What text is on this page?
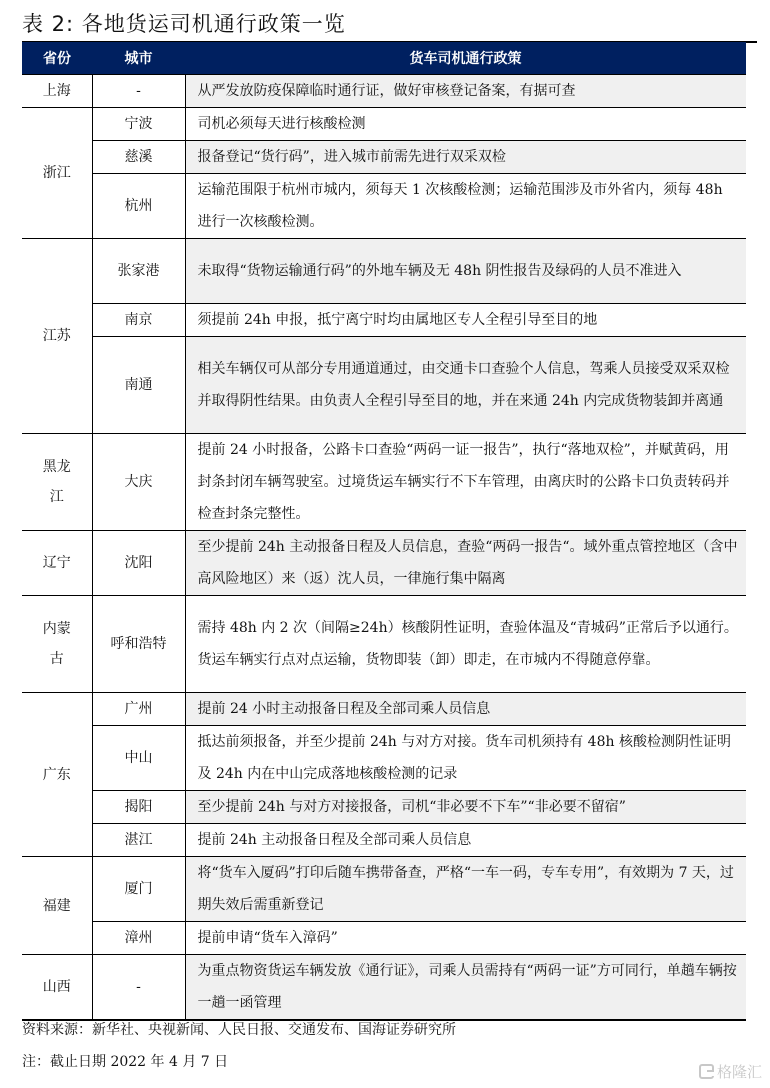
表 2: 各地货运司机通行政策一览
省份	城市	货车司机通行政策
上海	-	从严发放防疫保障临时通行证，做好审核登记备案，有据可查
浙江	宁波	司机必须每天进行核酸检测
	慈溪	报备登记“货行码”，进入城市前需先进行双采双检
	杭州	运输范围限于杭州市城内，须每天 1 次核酸检测；运输范围涉及市外省内，须每 48h 进行一次核酸检测。
江苏	张家港	未取得“货物运输通行码”的外地车辆及无 48h 阴性报告及绿码的人员不准进入
	南京	须提前 24h 申报，抵宁离宁时均由属地区专人全程引导至目的地
	南通	相关车辆仅可从部分专用通道通过，由交通卡口查验个人信息，驾乘人员接受双采双检并取得阴性结果。由负责人全程引导至目的地，并在来通 24h 内完成货物装卸并离通

黑龙江	大庆	提前 24 小时报备，公路卡口查验“两码一证一报告”，执行“落地双检”，并赋黄码，用封条封闭车辆驾驶室。过境货运车辆实行不下车管理，由离庆时的公路卡口负责转码并检查封条完整性。
辽宁	沈阳	至少提前 24h 主动报备日程及人员信息，查验“两码一报告“。域外重点管控地区（含中高风险地区）来（返）沈人员，一律施行集中隔离

内蒙古	呼和浩特	需持 48h 内 2 次（间隔≥24h）核酸阴性证明，查验体温及“青城码”正常后予以通行。货运车辆实行点对点运输，货物即装（卸）即走，在市城内不得随意停靠。
广东	广州	提前 24 小时主动报备日程及全部司乘人员信息
	中山	抵达前须报备，并至少提前 24h 与对方对接。货车司机须持有 48h 核酸检测阴性证明及 24h 内在中山完成落地核酸检测的记录
	揭阳	至少提前 24h 与对方对接报备，司机“非必要不下车”“非必要不留宿”
	湛江	提前 24h 主动报备日程及全部司乘人员信息
福建	厦门	将“货车入厦码”打印后随车携带备查，严格“一车一码，专车专用”，有效期为 7 天，过期失效后需重新登记
	漳州	提前申请“货车入漳码”
山西	-	为重点物资货运车辆发放《通行证》，司乘人员需持有“两码一证”方可同行，单趟车辆按一趟一函管理
资料来源：新华社、央视新闻、人民日报、交通发布、国海证券研究所
注：截止日期 2022 年 4 月 7 日
格隆汇
